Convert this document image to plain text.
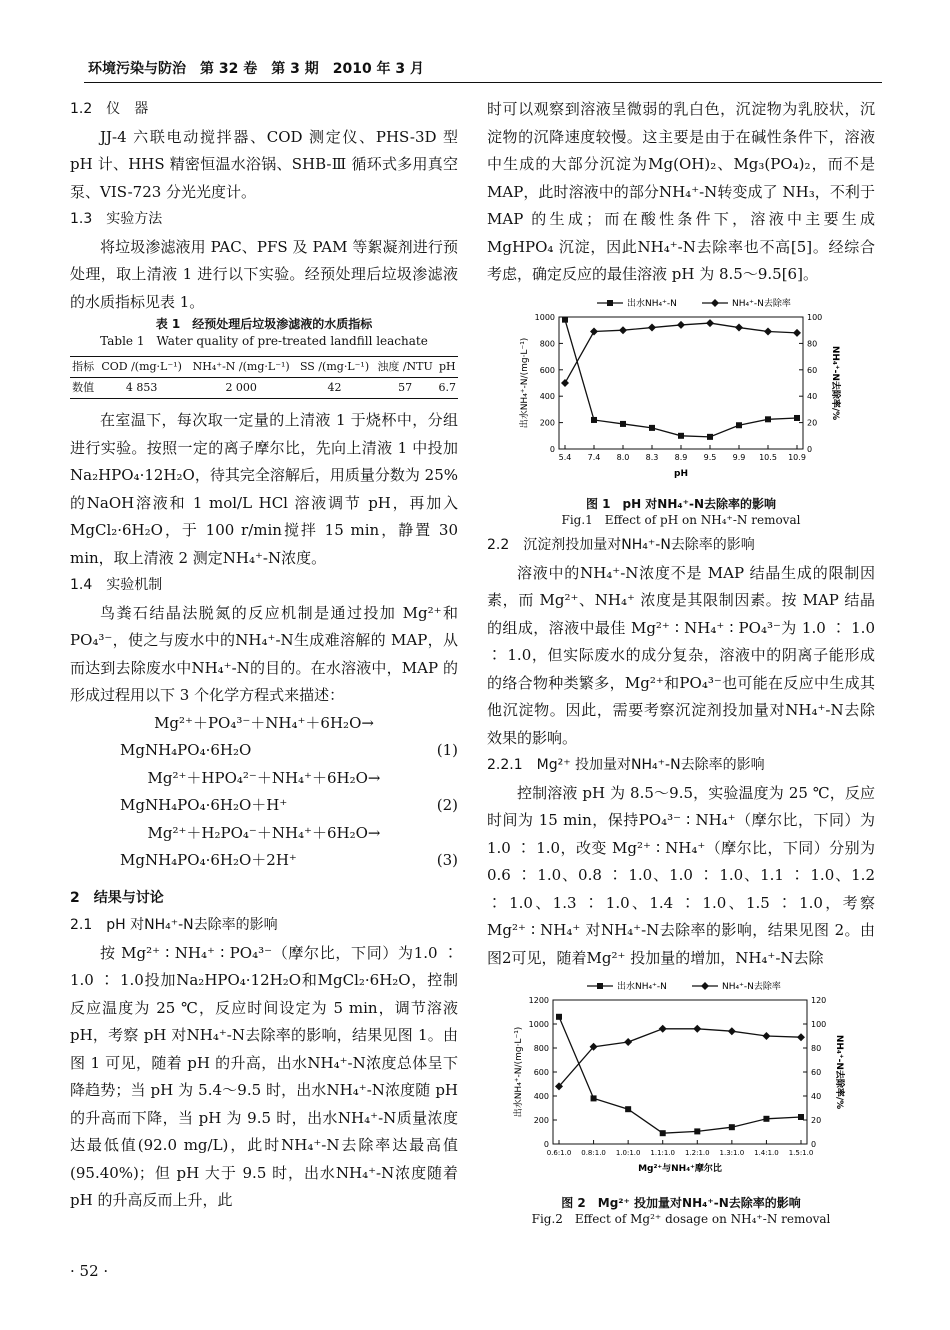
环境污染与防治　第 32 卷　第 3 期　2010 年 3 月
1.2　仪　器

JJ-4 六联电动搅拌器、COD 测定仪、PHS-3D 型 pH 计、HHS 精密恒温水浴锅、SHB-Ⅲ 循环式多用真空泵、VIS-723 分光光度计。

1.3　实验方法

将垃圾渗滤液用 PAC、PFS 及 PAM 等絮凝剂进行预处理，取上清液 1 进行以下实验。经预处理后垃圾渗滤液的水质指标见表 1。

表 1　经预处理后垃圾渗滤液的水质指标
Table 1　Water quality of pre-treated landfill leachate
指标	COD /(mg·L⁻¹)	NH₄⁺-N /(mg·L⁻¹)	SS /(mg·L⁻¹)	浊度 /NTU	pH
数值	4 853	2 000	42	57	6.7

在室温下，每次取一定量的上清液 1 于烧杯中，分组进行实验。按照一定的离子摩尔比，先向上清液 1 中投加Na₂HPO₄·12H₂O，待其完全溶解后，用质量分数为 25%的NaOH溶液和 1 mol/L HCl 溶液调节 pH，再加入MgCl₂·6H₂O，于 100 r/min搅拌 15 min，静置 30 min，取上清液 2 测定NH₄⁺-N浓度。

1.4　实验机制

鸟粪石结晶法脱氮的反应机制是通过投加 Mg²⁺和PO₄³⁻，使之与废水中的NH₄⁺-N生成难溶解的 MAP，从而达到去除废水中NH₄⁺-N的目的。在水溶液中，MAP 的形成过程用以下 3 个化学方程式来描述：

Mg²⁺＋PO₄³⁻＋NH₄⁺＋6H₂O→
MgNH₄PO₄·6H₂O	(1)
Mg²⁺＋HPO₄²⁻＋NH₄⁺＋6H₂O→
MgNH₄PO₄·6H₂O＋H⁺	(2)
Mg²⁺＋H₂PO₄⁻＋NH₄⁺＋6H₂O→
MgNH₄PO₄·6H₂O＋2H⁺	(3)
2　结果与讨论
2.1　pH 对NH₄⁺-N去除率的影响

按 Mg²⁺ ∶ NH₄⁺ ∶ PO₄³⁻（摩尔比，下同）为1.0 ∶ 1.0 ∶ 1.0投加Na₂HPO₄·12H₂O和MgCl₂·6H₂O，控制反应温度为 25 ℃，反应时间设定为 5 min，调节溶液 pH，考察 pH 对NH₄⁺-N去除率的影响，结果见图 1。由图 1 可见，随着 pH 的升高，出水NH₄⁺-N浓度总体呈下降趋势；当 pH 为 5.4～9.5 时，出水NH₄⁺-N浓度随 pH 的升高而下降，当 pH 为 9.5 时，出水NH₄⁺-N质量浓度达最低值(92.0 mg/L)，此时NH₄⁺-N去除率达最高值(95.40%)；但 pH 大于 9.5 时，出水NH₄⁺-N浓度随着 pH 的升高反而上升，此

时可以观察到溶液呈微弱的乳白色，沉淀物为乳胶状，沉淀物的沉降速度较慢。这主要是由于在碱性条件下，溶液中生成的大部分沉淀为Mg(OH)₂、Mg₃(PO₄)₂，而不是 MAP，此时溶液中的部分NH₄⁺-N转变成了 NH₃，不利于 MAP 的生成；而在酸性条件下，溶液中主要生成 MgHPO₄ 沉淀，因此NH₄⁺-N去除率也不高[5]。经综合考虑，确定反应的最佳溶液 pH 为 8.5～9.5[6]。

0
200
400
600
800
1000
0
20
40
60
80
100
5.4 7.4 8.0 8.3 8.9 9.5 9.9 10.5 10.9
pH
出水NH₄⁺-N/(mg·L⁻¹)	NH₄⁺-N去除率/%
出水NH₄⁺-N	NH₄⁺-N去除率
图 1　pH 对NH₄⁺-N去除率的影响
Fig.1　Effect of pH on NH₄⁺-N removal
2.2　沉淀剂投加量对NH₄⁺-N去除率的影响

溶液中的NH₄⁺-N浓度不是 MAP 结晶生成的限制因素，而 Mg²⁺、NH₄⁺ 浓度是其限制因素。按 MAP 结晶的组成，溶液中最佳 Mg²⁺ ∶ NH₄⁺ ∶ PO₄³⁻为 1.0 ∶ 1.0 ∶ 1.0，但实际废水的成分复杂，溶液中的阴离子能形成的络合物种类繁多，Mg²⁺和PO₄³⁻也可能在反应中生成其他沉淀物。因此，需要考察沉淀剂投加量对NH₄⁺-N去除效果的影响。

2.2.1　Mg²⁺ 投加量对NH₄⁺-N去除率的影响

控制溶液 pH 为 8.5～9.5，实验温度为 25 ℃，反应时间为 15 min，保持PO₄³⁻ ∶ NH₄⁺（摩尔比，下同）为 1.0 ∶ 1.0，改变 Mg²⁺ ∶ NH₄⁺（摩尔比，下同）分别为0.6 ∶ 1.0、0.8 ∶ 1.0、1.0 ∶ 1.0、1.1 ∶ 1.0、1.2 ∶ 1.0、1.3 ∶ 1.0、1.4 ∶ 1.0、1.5 ∶ 1.0，考察 Mg²⁺ ∶ NH₄⁺ 对NH₄⁺-N去除率的影响，结果见图 2。由图2可见，随着Mg²⁺ 投加量的增加，NH₄⁺-N去除

0
200
400
600
800
1000
1200
0
20
40
60
80
100
120
0.6:1.0 0.8:1.0 1.0:1.0 1.1:1.0 1.2:1.0 1.3:1.0 1.4:1.0 1.5:1.0
Mg²⁺与NH₄⁺摩尔比
出水NH₄⁺-N/(mg·L⁻¹)	NH₄⁺-N去除率/%
出水NH₄⁺-N	NH₄⁺-N去除率
图 2　Mg²⁺ 投加量对NH₄⁺-N去除率的影响
Fig.2　Effect of Mg²⁺ dosage on NH₄⁺-N removal
· 52 ·
